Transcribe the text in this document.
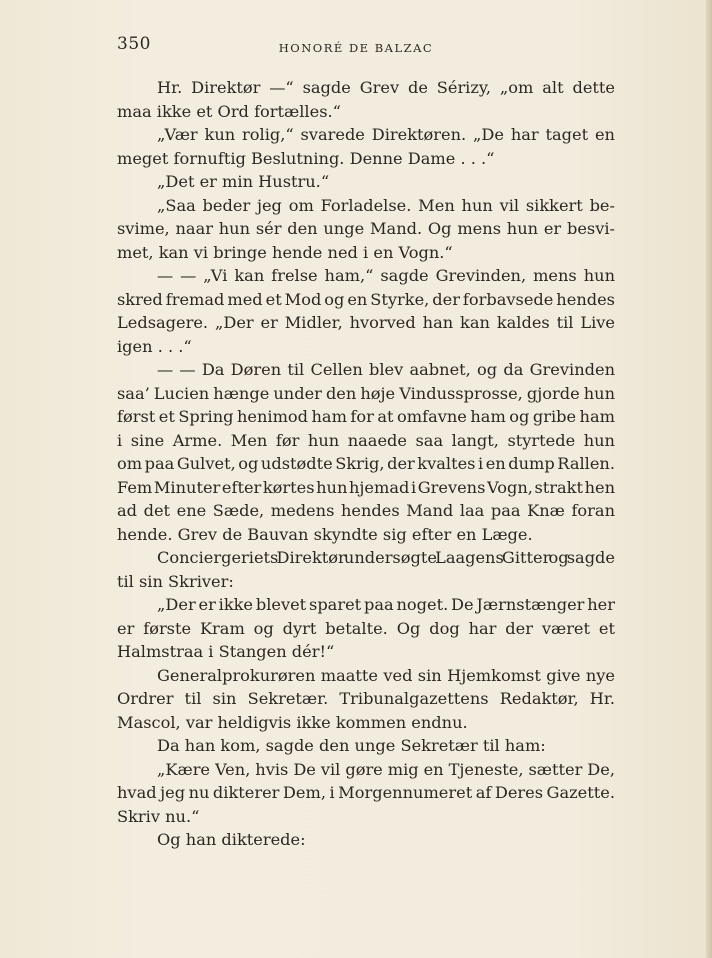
350	HONORÉ DE BALZAC
Hr. Direktør —“ sagde Grev de Sérizy, „om alt dette
maa ikke et Ord fortælles.“
„Vær kun rolig,“ svarede Direktøren. „De har taget en
meget fornuftig Beslutning. Denne Dame . . .“
„Det er min Hustru.“
„Saa beder jeg om Forladelse. Men hun vil sikkert be-
svime, naar hun sér den unge Mand. Og mens hun er besvi-
met, kan vi bringe hende ned i en Vogn.“
— — „Vi kan frelse ham,“ sagde Grevinden, mens hun
skred fremad med et Mod og en Styrke, der forbavsede hendes
Ledsagere. „Der er Midler, hvorved han kan kaldes til Live
igen . . .“
— — Da Døren til Cellen blev aabnet, og da Grevinden
saa’ Lucien hænge under den høje Vindussprosse, gjorde hun
først et Spring henimod ham for at omfavne ham og gribe ham
i sine Arme. Men før hun naaede saa langt, styrtede hun
om paa Gulvet, og udstødte Skrig, der kvaltes i en dump Rallen.
Fem Minuter efter kørtes hun hjemad i Grevens Vogn, strakt hen
ad det ene Sæde, medens hendes Mand laa paa Knæ foran
hende. Grev de Bauvan skyndte sig efter en Læge.
Conciergeriets Direktør undersøgte Laagens Gitter og sagde
til sin Skriver:
„Der er ikke blevet sparet paa noget. De Jærnstænger her
er første Kram og dyrt betalte. Og dog har der været et
Halmstraa i Stangen dér!“
Generalprokurøren maatte ved sin Hjemkomst give nye
Ordrer til sin Sekretær. Tribunalgazettens Redaktør, Hr.
Mascol, var heldigvis ikke kommen endnu.
Da han kom, sagde den unge Sekretær til ham:
„Kære Ven, hvis De vil gøre mig en Tjeneste, sætter De,
hvad jeg nu dikterer Dem, i Morgennumeret af Deres Gazette.
Skriv nu.“
Og han dikterede:
